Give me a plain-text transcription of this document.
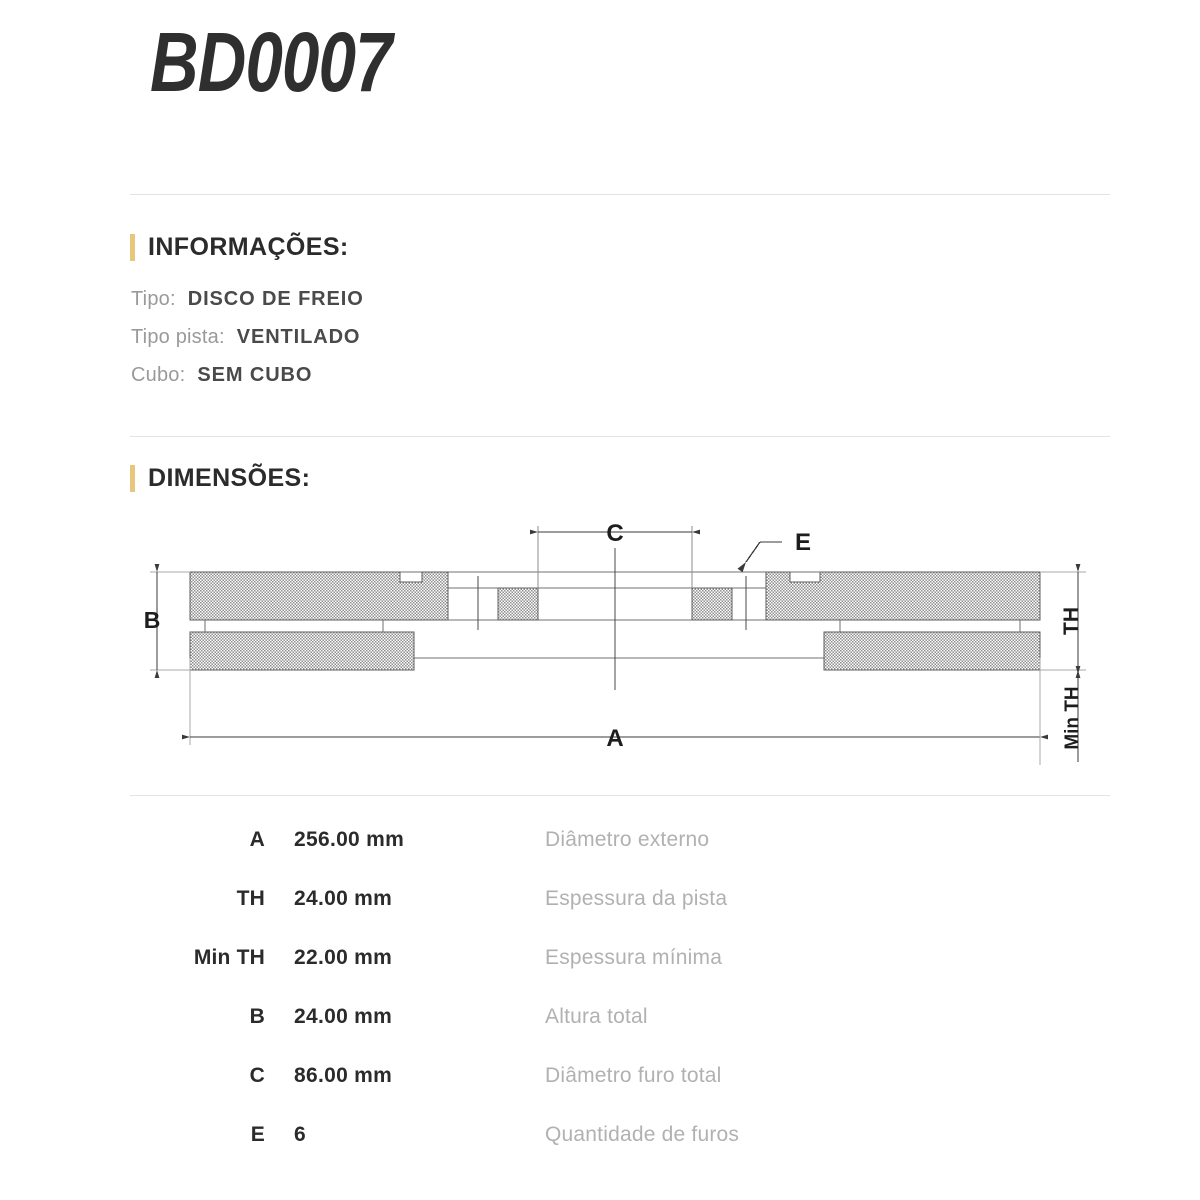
BD0007
INFORMAÇÕES:
Tipo: DISCO DE FREIO
Tipo pista: VENTILADO
Cubo: SEM CUBO
DIMENSÕES:
B
C	E
A
TH
Min TH
A 256.00 mm	Diâmetro externo
TH 24.00 mm	Espessura da pista
Min TH 22.00 mm	Espessura mínima
B 24.00 mm	Altura total
C 86.00 mm	Diâmetro furo total
E 6	Quantidade de furos
